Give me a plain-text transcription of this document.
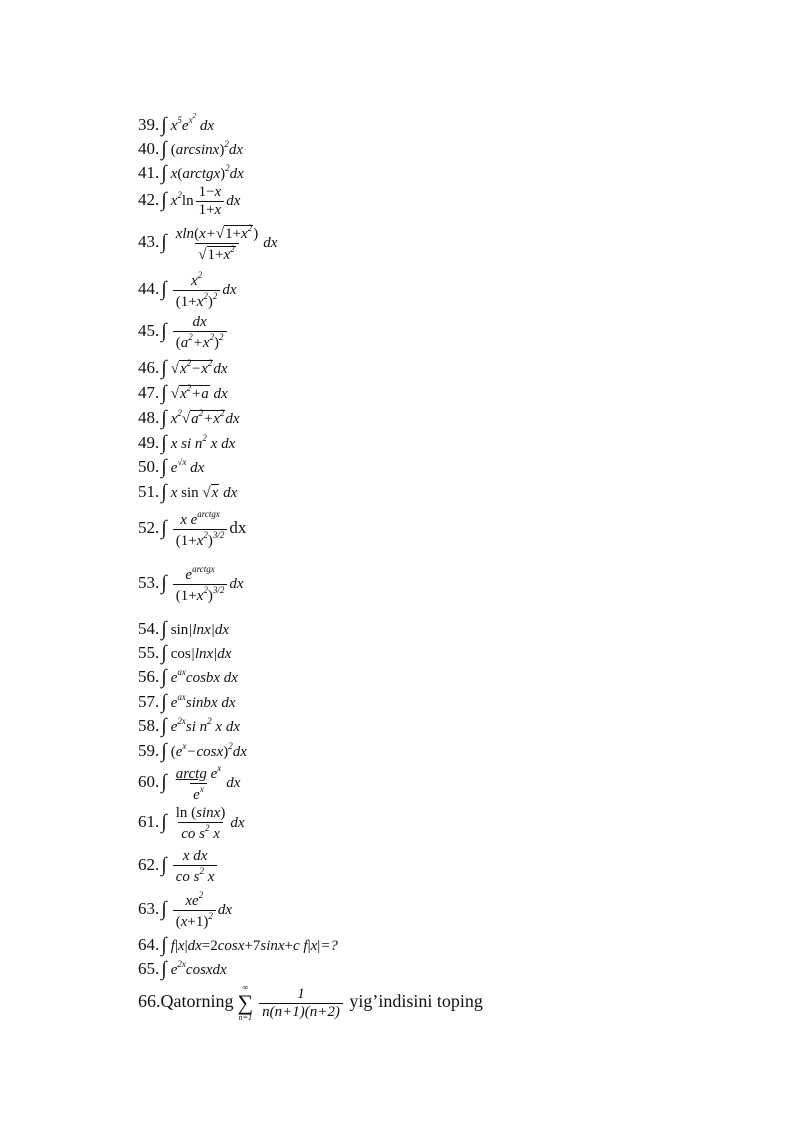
39. ∫ $x^5e^{x^2}$ dx
40. ∫ $(\arcsin x)^2dx$
41. ∫ x(arctgx)$^2$dx
42. ∫ $x^2\ln \frac{1-x}{1+x}$ dx
43. ∫ $\frac{xln(x+√1+x^2)}{√1+x^2}$ dx
44. ∫ $\frac{x^2}{(1+x^2)^2}$ dx
45. ∫ $\frac{dx}{(a^2+x^2)^2}$
46. ∫ $√x^2-x^2dx$
47. ∫ $√x^2+a$ dx
48. ∫ $x^2√a^2+x^2dx$
49. ∫ x si $n^2$ x dx
50. ∫ $e^{√x}$ dx
51. ∫ x sin √x dx
52. ∫ $\frac{x e^{arctgx}}{(1+x^2)^{3/2}}$ dx
53. ∫ $\frac{e^{arctgx}}{(1+x^2)^{3/2}}$ dx
54. ∫ sin|lnx|dx
55. ∫ cos|lnx|dx
56. ∫ $e^{ax}cosbx$ dx
57. ∫ $e^{ax}sinbx$ dx
58. ∫ $e^{2x}si$ $n^2$ x dx
59. ∫ $(e^x-\cos x)^2dx$
60. ∫ $\frac{arctg e^x}{e^x}$ dx
61. ∫ $\frac{\ln (\sin x)}{co s^2 x}$ dx
62. ∫ $\frac{\text{x dx}}{co s^2 x}$
63. ∫ $\frac{xe^2}{(x+1)^2}$ dx
64. ∫ f|x|dx=2cosx+7sinx+c f|x|=?
65. ∫ $e^{2x}cosxdx$
66.Qatorning
∞
∑
$n=1 \frac{1}{n(n+1)(n+2)}$ yig’indisini toping
